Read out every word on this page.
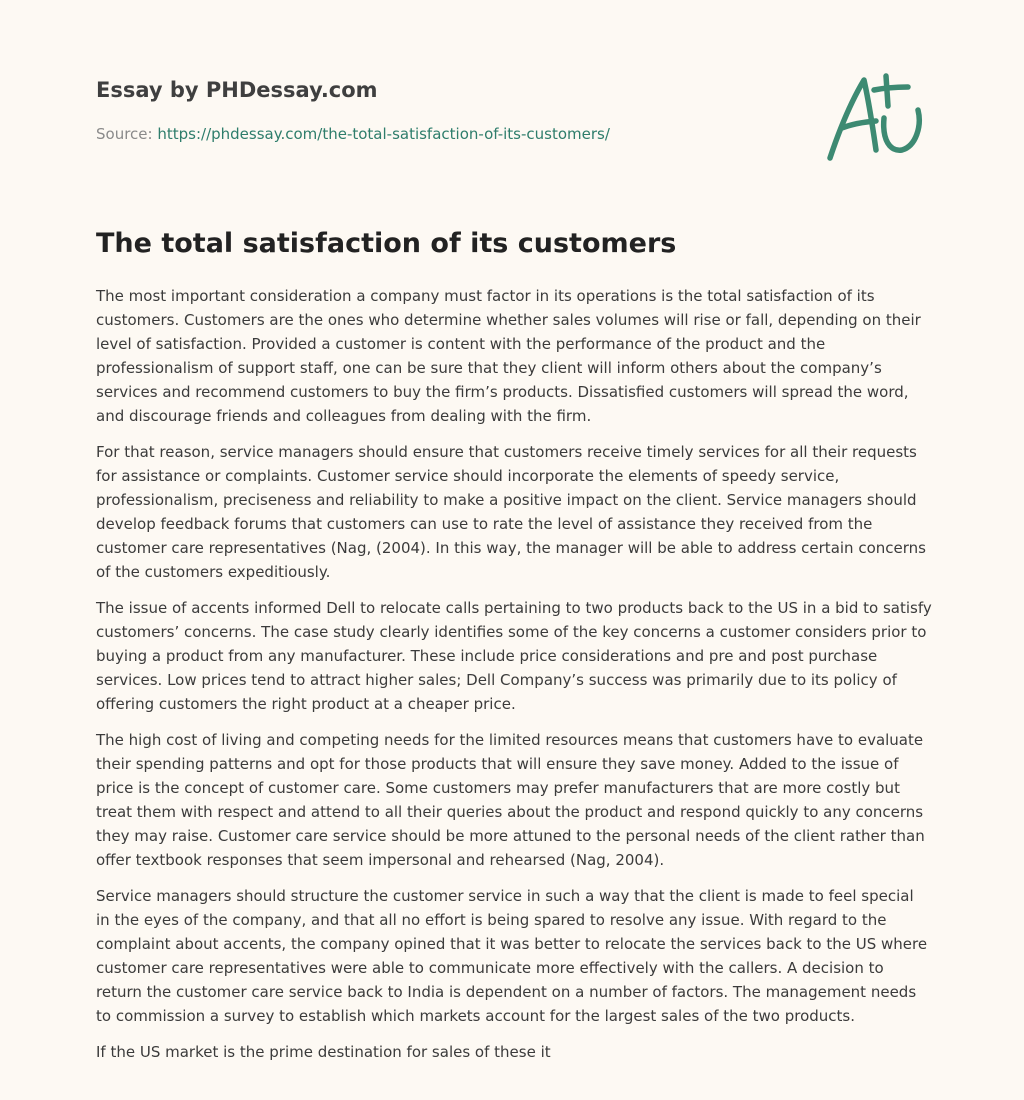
Essay by PHDessay.com
Source: https://phdessay.com/the-total-satisfaction-of-its-customers/
The total satisfaction of its customers

The most important consideration a company must factor in its operations is the total satisfaction of its customers. Customers are the ones who determine whether sales volumes will rise or fall, depending on their level of satisfaction. Provided a customer is content with the performance of the product and the professionalism of support staff, one can be sure that they client will inform others about the company’s services and recommend customers to buy the firm’s products. Dissatisfied customers will spread the word, and discourage friends and colleagues from dealing with the firm.

For that reason, service managers should ensure that customers receive timely services for all their requests for assistance or complaints. Customer service should incorporate the elements of speedy service, professionalism, preciseness and reliability to make a positive impact on the client. Service managers should develop feedback forums that customers can use to rate the level of assistance they received from the customer care representatives (Nag, (2004). In this way, the manager will be able to address certain concerns of the customers expeditiously.

The issue of accents informed Dell to relocate calls pertaining to two products back to the US in a bid to satisfy customers’ concerns. The case study clearly identifies some of the key concerns a customer considers prior to buying a product from any manufacturer. These include price considerations and pre and post purchase services. Low prices tend to attract higher sales; Dell Company’s success was primarily due to its policy of offering customers the right product at a cheaper price.

The high cost of living and competing needs for the limited resources means that customers have to evaluate their spending patterns and opt for those products that will ensure they save money. Added to the issue of price is the concept of customer care. Some customers may prefer manufacturers that are more costly but treat them with respect and attend to all their queries about the product and respond quickly to any concerns they may raise. Customer care service should be more attuned to the personal needs of the client rather than offer textbook responses that seem impersonal and rehearsed (Nag, 2004).

Service managers should structure the customer service in such a way that the client is made to feel special in the eyes of the company, and that all no effort is being spared to resolve any issue. With regard to the complaint about accents, the company opined that it was better to relocate the services back to the US where customer care representatives were able to communicate more effectively with the callers. A decision to return the customer care service back to India is dependent on a number of factors. The management needs to commission a survey to establish which markets account for the largest sales of the two products.

If the US market is the prime destination for sales of these it
